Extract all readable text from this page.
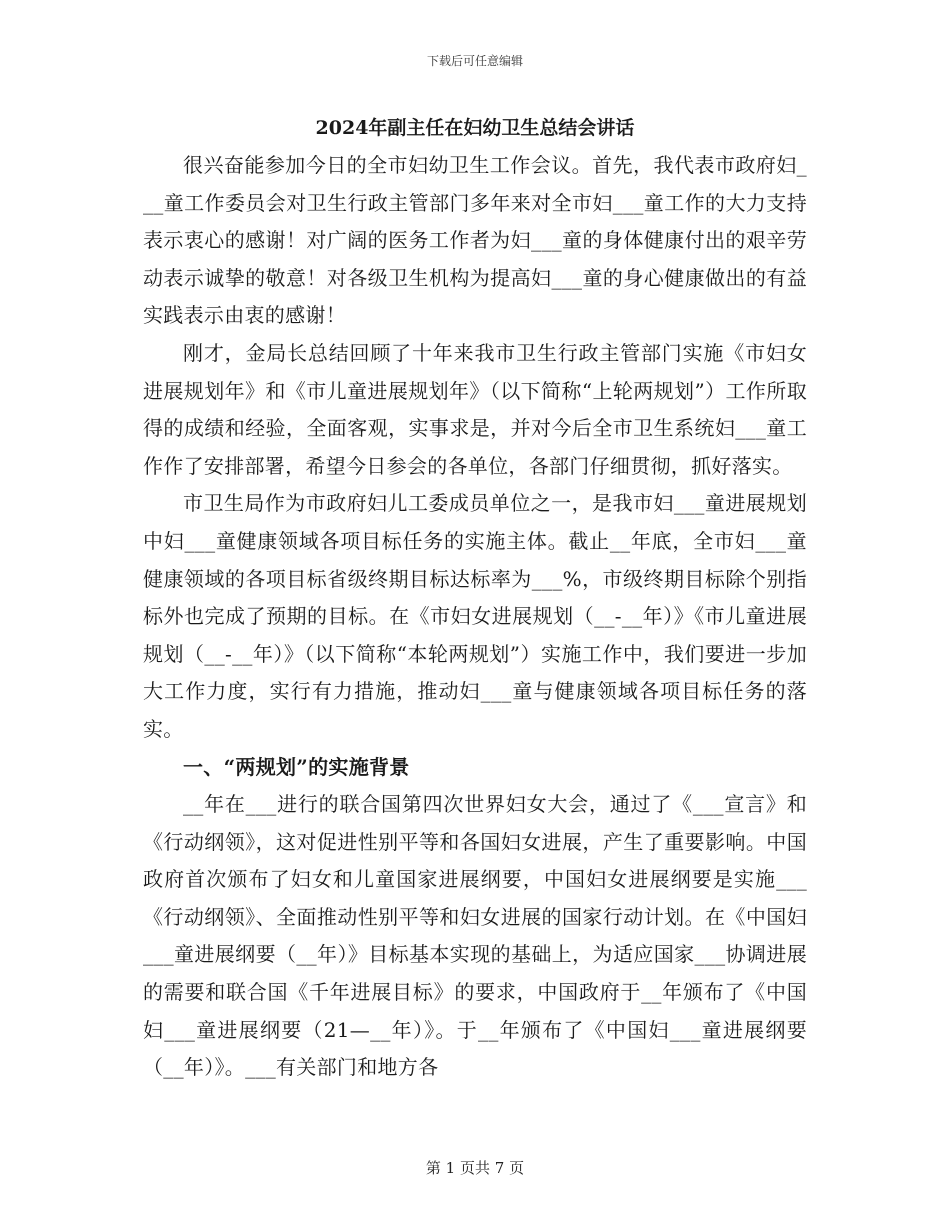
下载后可任意编辑
2024年副主任在妇幼卫生总结会讲话

很兴奋能参加今日的全市妇幼卫生工作会议。首先，我代表市政府妇___童工作委员会对卫生行政主管部门多年来对全市妇___童工作的大力支持表示衷心的感谢！对广阔的医务工作者为妇___童的身体健康付出的艰辛劳动表示诚挚的敬意！对各级卫生机构为提高妇___童的身心健康做出的有益实践表示由衷的感谢！

刚才，金局长总结回顾了十年来我市卫生行政主管部门实施《市妇女进展规划年》和《市儿童进展规划年》（以下简称“上轮两规划”）工作所取得的成绩和经验，全面客观，实事求是，并对今后全市卫生系统妇___童工作作了安排部署，希望今日参会的各单位，各部门仔细贯彻，抓好落实。

市卫生局作为市政府妇儿工委成员单位之一，是我市妇___童进展规划中妇___童健康领域各项目标任务的实施主体。截止__年底，全市妇___童健康领域的各项目标省级终期目标达标率为___%，市级终期目标除个别指标外也完成了预期的目标。在《市妇女进展规划（__-__年）》《市儿童进展规划（__-__年）》（以下简称“本轮两规划”）实施工作中，我们要进一步加大工作力度，实行有力措施，推动妇___童与健康领域各项目标任务的落实。

一、“两规划”的实施背景

__年在___进行的联合国第四次世界妇女大会，通过了《___宣言》和《行动纲领》，这对促进性别平等和各国妇女进展，产生了重要影响。中国政府首次颁布了妇女和儿童国家进展纲要，中国妇女进展纲要是实施___《行动纲领》、全面推动性别平等和妇女进展的国家行动计划。在《中国妇___童进展纲要（__年）》目标基本实现的基础上，为适应国家___协调进展的需要和联合国《千年进展目标》的要求，中国政府于__年颁布了《中国妇___童进展纲要（21—__年）》。于__年颁布了《中国妇___童进展纲要（__年）》。___有关部门和地方各

第 1 页共 7 页
